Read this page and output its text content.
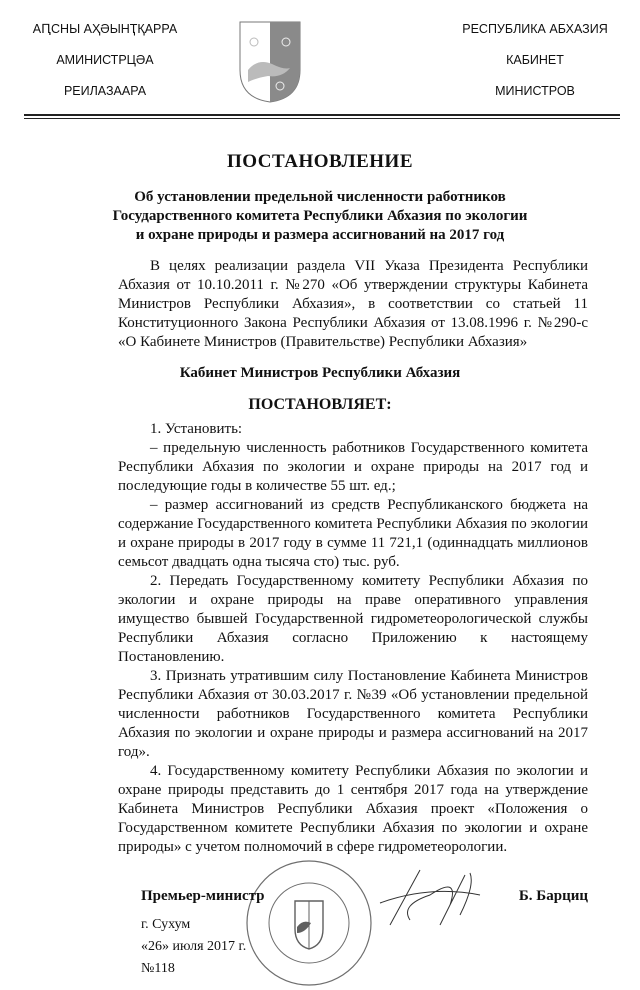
АԤСНЫ АҲӘЫНҬҚАРРА
АМИНИСТРЦӘА
РЕИЛАЗААРА
РЕСПУБЛИКА АБХАЗИЯ
КАБИНЕТ
МИНИСТРОВ
ПОСТАНОВЛЕНИЕ
Об установлении предельной численности работников
Государственного комитета Республики Абхазия по экологии
и охране природы и размера ассигнований на 2017 год
В целях реализации раздела VII Указа Президента Республики Абхазия от 10.10.2011 г. №270 «Об утверждении структуры Кабинета Министров Республики Абхазия», в соответствии со статьей 11 Конституционного Закона Республики Абхазия от 13.08.1996 г. №290-с «О Кабинете Министров (Правительстве) Республики Абхазия»
Кабинет Министров Республики Абхазия
ПОСТАНОВЛЯЕТ:
1. Установить:
– предельную численность работников Государственного комитета Республики Абхазия по экологии и охране природы на 2017 год и последующие годы в количестве 55 шт. ед.;
– размер ассигнований из средств Республиканского бюджета на содержание Государственного комитета Республики Абхазия по экологии и охране природы в 2017 году в сумме 11 721,1 (одиннадцать миллионов семьсот двадцать одна тысяча сто) тыс. руб.
2. Передать Государственному комитету Республики Абхазия по экологии и охране природы на праве оперативного управления имущество бывшей Государственной гидрометеорологической службы Республики Абхазия согласно Приложению к настоящему Постановлению.
3. Признать утратившим силу Постановление Кабинета Министров Республики Абхазия от 30.03.2017 г. №39 «Об установлении предельной численности работников Государственного комитета Республики Абхазия по экологии и охране природы и размера ассигнований на 2017 год».
4. Государственному комитету Республики Абхазия по экологии и охране природы представить до 1 сентября 2017 года на утверждение Кабинета Министров Республики Абхазия проект «Положения о Государственном комитете Республики Абхазия по экологии и охране природы» с учетом полномочий в сфере гидрометеорологии.
Премьер-министр	Б. Барциц
г. Сухум
«26» июля 2017 г.
№118
